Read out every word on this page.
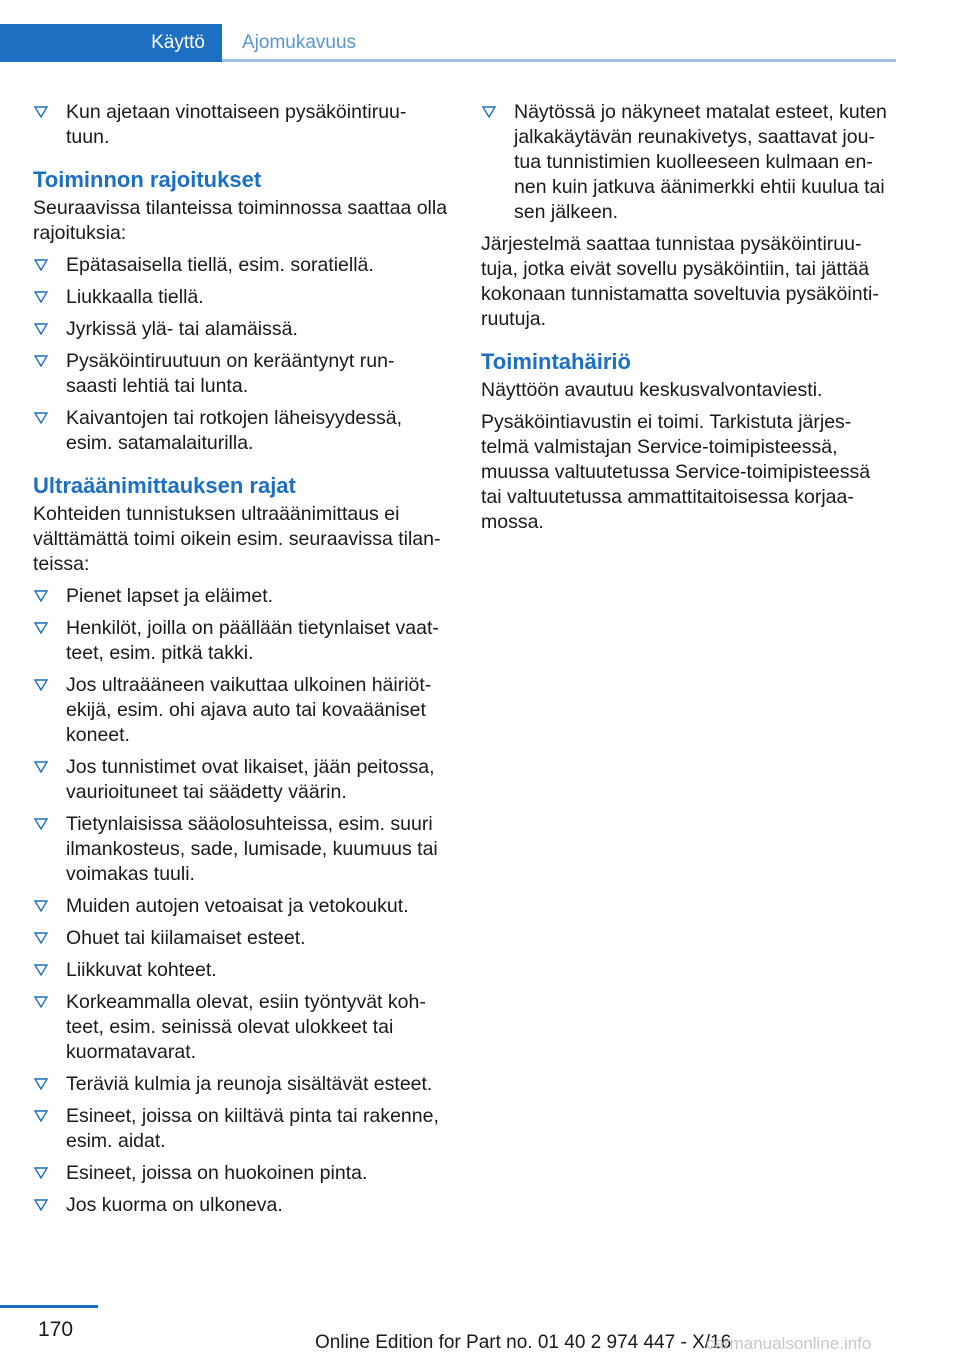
Käyttö	Ajomukavuus
Kun ajetaan vinottaiseen pysäköintiruu‐ tuun.
Toiminnon rajoitukset

Seuraavissa tilanteissa toiminnossa saattaa olla rajoituksia:

Epätasaisella tiellä, esim. soratiellä.
Liukkaalla tiellä.
Jyrkissä ylä- tai alamäissä.
Pysäköintiruutuun on kerääntynyt run‐ saasti lehtiä tai lunta.
Kaivantojen tai rotkojen läheisyydessä, esim. satamalaiturilla.
Ultraäänimittauksen rajat

Kohteiden tunnistuksen ultraäänimittaus ei välttämättä toimi oikein esim. seuraavissa tilan‐ teissa:

Pienet lapset ja eläimet.
Henkilöt, joilla on päällään tietynlaiset vaat‐ teet, esim. pitkä takki.
Jos ultraääneen vaikuttaa ulkoinen häiriöt‐ ekijä, esim. ohi ajava auto tai kovaääniset koneet.
Jos tunnistimet ovat likaiset, jään peitossa, vaurioituneet tai säädetty väärin.
Tietynlaisissa sääolosuhteissa, esim. suuri ilmankosteus, sade, lumisade, kuumuus tai voimakas tuuli.
Muiden autojen vetoaisat ja vetokoukut.
Ohuet tai kiilamaiset esteet.
Liikkuvat kohteet.
Korkeammalla olevat, esiin työntyvät koh‐ teet, esim. seinissä olevat ulokkeet tai kuormatavarat.
Teräviä kulmia ja reunoja sisältävät esteet.
Esineet, joissa on kiiltävä pinta tai rakenne, esim. aidat.
Esineet, joissa on huokoinen pinta.
Jos kuorma on ulkoneva.
Näytössä jo näkyneet matalat esteet, kuten jalkakäytävän reunakivetys, saattavat jou‐ tua tunnistimien kuolleeseen kulmaan en‐ nen kuin jatkuva äänimerkki ehtii kuulua tai sen jälkeen.

Järjestelmä saattaa tunnistaa pysäköintiruu‐ tuja, jotka eivät sovellu pysäköintiin, tai jättää kokonaan tunnistamatta soveltuvia pysäköinti‐ ruutuja.

Toimintahäiriö

Näyttöön avautuu keskusvalvontaviesti.

Pysäköintiavustin ei toimi. Tarkistuta järjes‐ telmä valmistajan Service-toimipisteessä, muussa valtuutetussa Service-toimipisteessä tai valtuutetussa ammattitaitoisessa korjaa‐ mossa.

170
Online Edition for Part no. 01 40 2 974 447 - X/16
carmanualsonline.info
